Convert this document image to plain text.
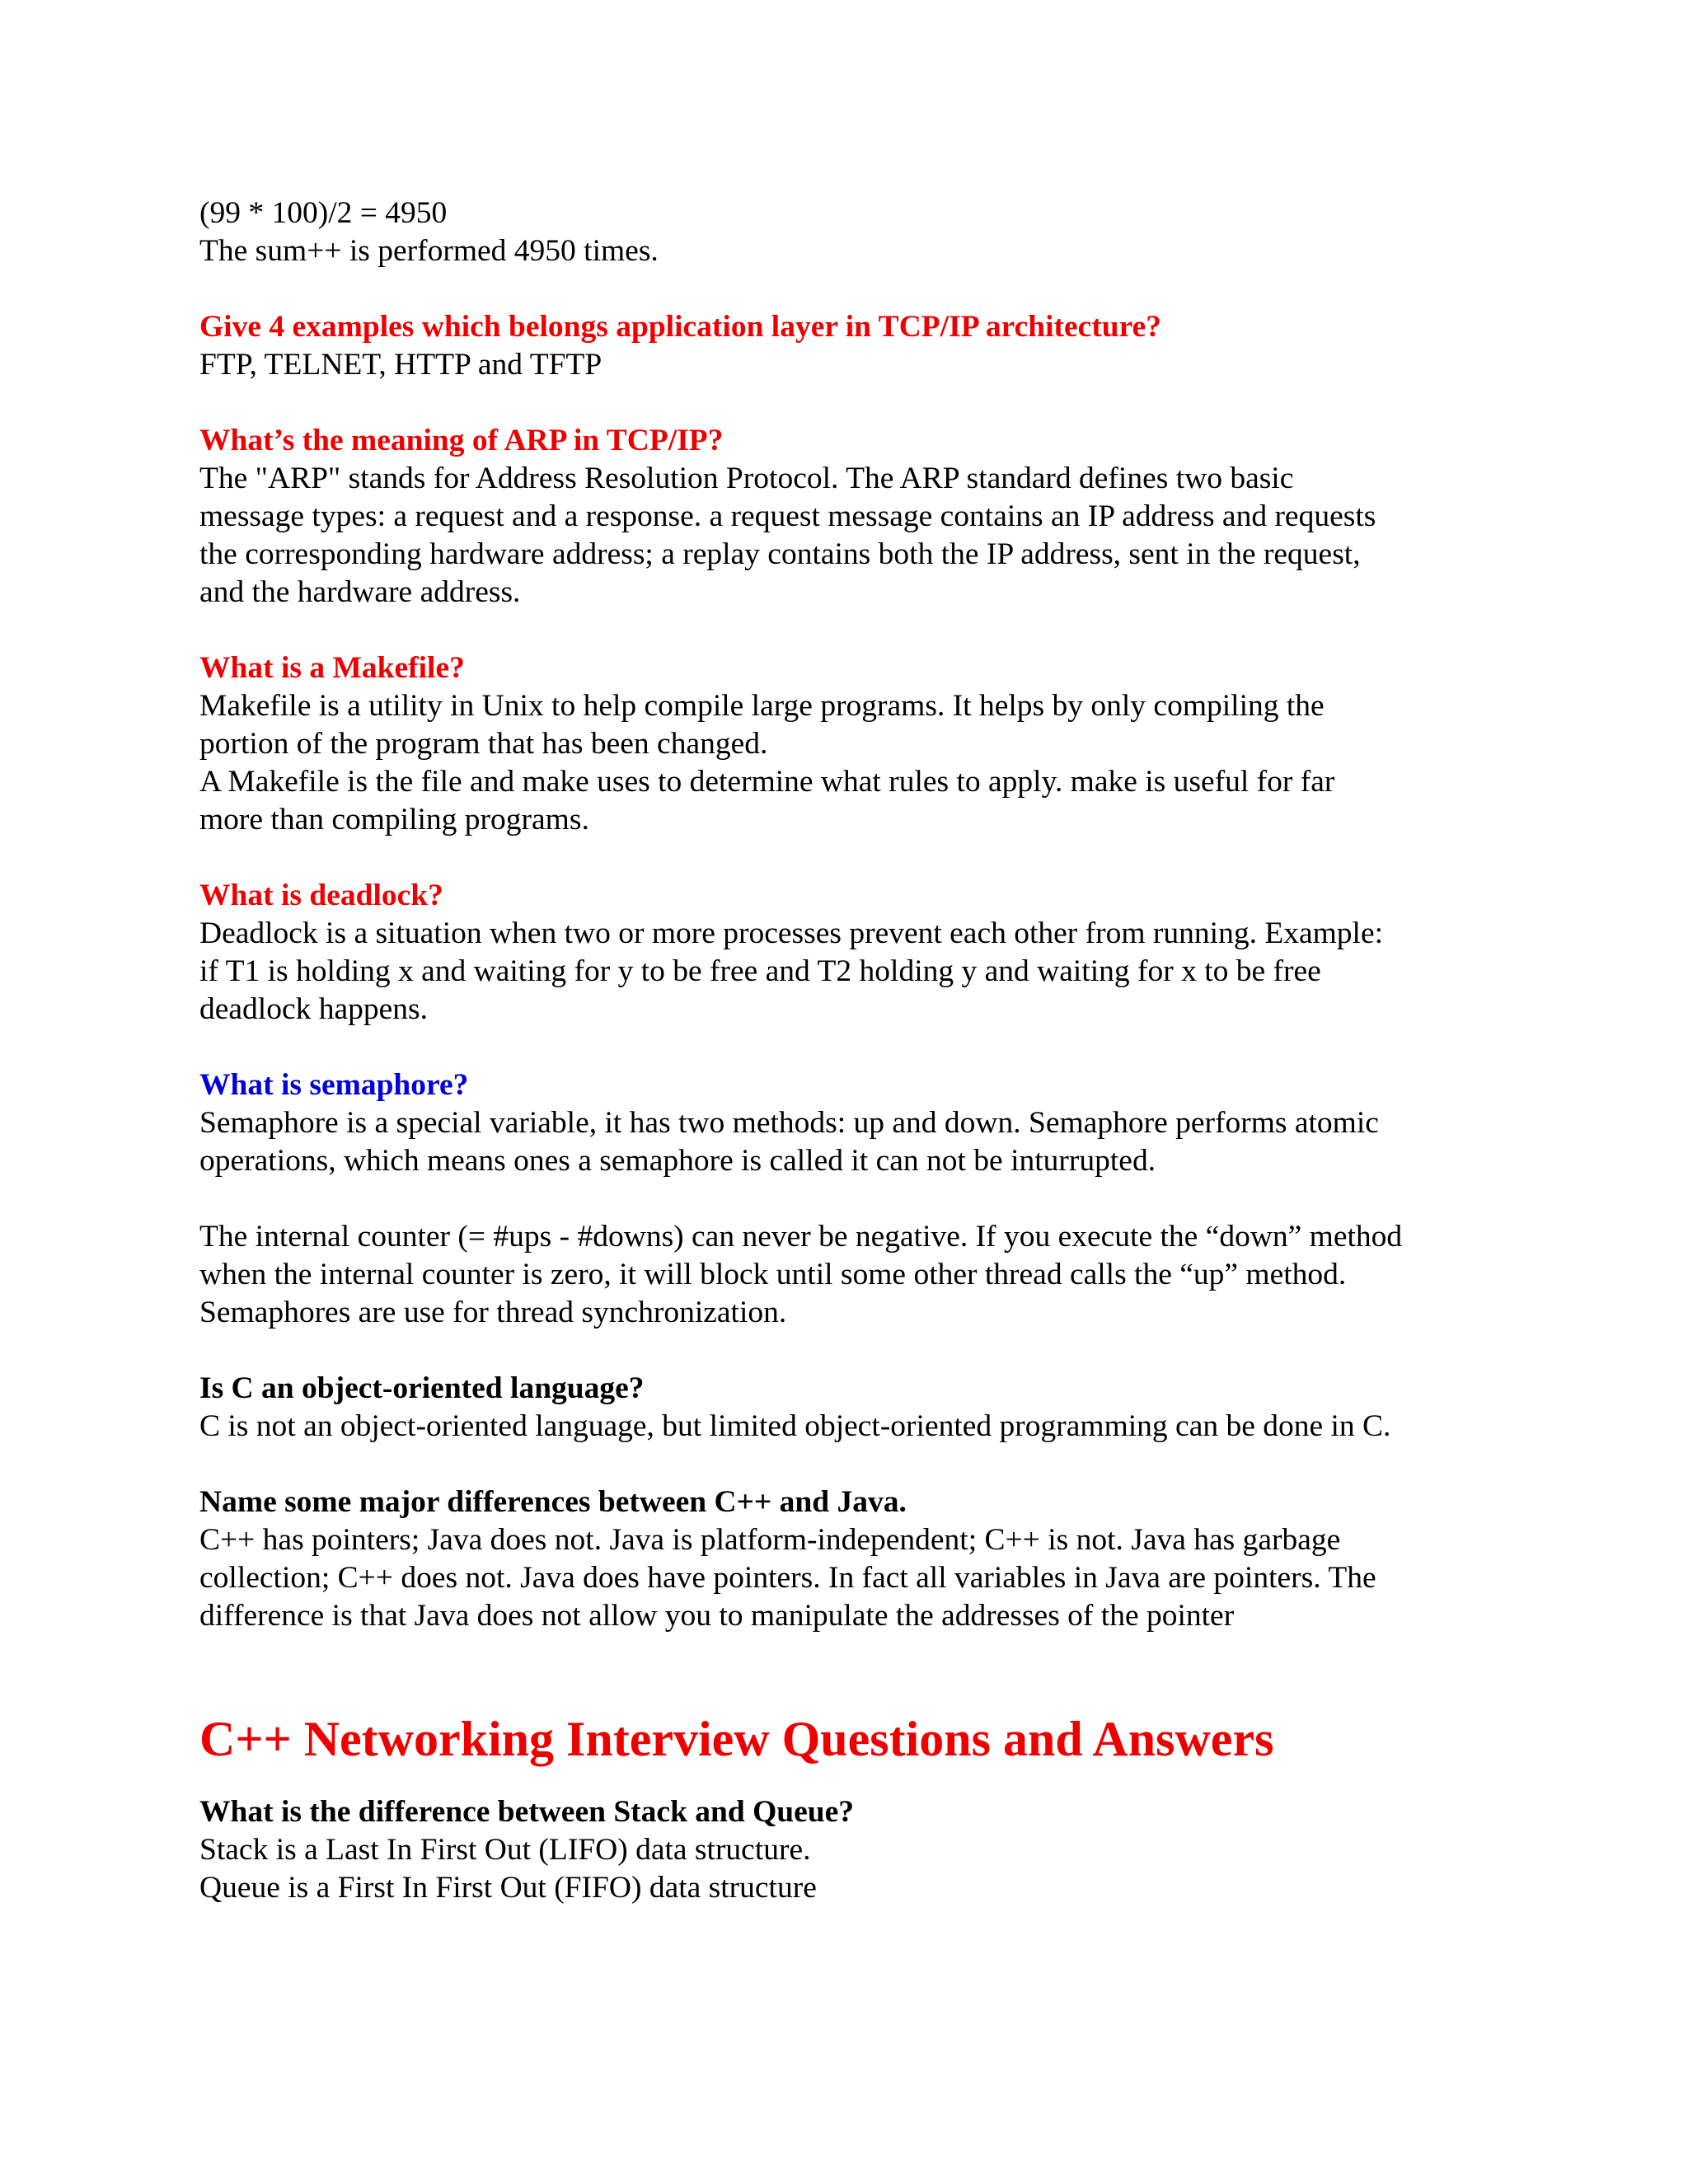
(99 * 100)/2 = 4950
The sum++ is performed 4950 times.
Give 4 examples which belongs application layer in TCP/IP architecture?
FTP, TELNET, HTTP and TFTP
What’s the meaning of ARP in TCP/IP?
The "ARP" stands for Address Resolution Protocol. The ARP standard defines two basic
message types: a request and a response. a request message contains an IP address and requests
the corresponding hardware address; a replay contains both the IP address, sent in the request,
and the hardware address.
What is a Makefile?
Makefile is a utility in Unix to help compile large programs. It helps by only compiling the
portion of the program that has been changed.
A Makefile is the file and make uses to determine what rules to apply. make is useful for far
more than compiling programs.
What is deadlock?
Deadlock is a situation when two or more processes prevent each other from running. Example:
if T1 is holding x and waiting for y to be free and T2 holding y and waiting for x to be free
deadlock happens.
What is semaphore?
Semaphore is a special variable, it has two methods: up and down. Semaphore performs atomic
operations, which means ones a semaphore is called it can not be inturrupted.
The internal counter (= #ups - #downs) can never be negative. If you execute the “down” method
when the internal counter is zero, it will block until some other thread calls the “up” method.
Semaphores are use for thread synchronization.
Is C an object-oriented language?
C is not an object-oriented language, but limited object-oriented programming can be done in C.
Name some major differences between C++ and Java.
C++ has pointers; Java does not. Java is platform-independent; C++ is not. Java has garbage
collection; C++ does not. Java does have pointers. In fact all variables in Java are pointers. The
difference is that Java does not allow you to manipulate the addresses of the pointer
C++ Networking Interview Questions and Answers
What is the difference between Stack and Queue?
Stack is a Last In First Out (LIFO) data structure.
Queue is a First In First Out (FIFO) data structure
